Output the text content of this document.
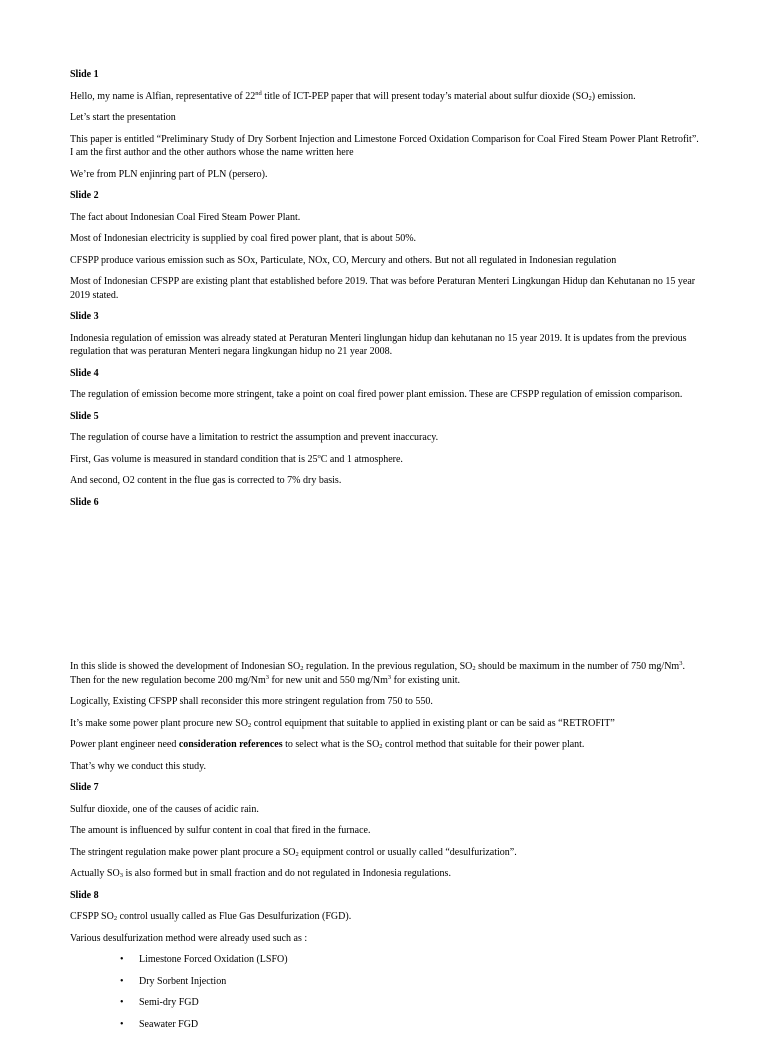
Slide 1
Hello, my name is Alfian, representative of 22nd title of ICT-PEP paper that will present today’s material about sulfur dioxide $(SO_2)$ emission.
Let’s start the presentation
This paper is entitled “Preliminary Study of Dry Sorbent Injection and Limestone Forced Oxidation Comparison for Coal Fired Steam Power Plant Retrofit”. I am the first author and the other authors whose the name written here
We’re from PLN enjinring part of PLN (persero).
Slide 2
The fact about Indonesian Coal Fired Steam Power Plant.
Most of Indonesian electricity is supplied by coal fired power plant, that is about 50%.
CFSPP produce various emission such as SOx, Particulate, NOx, CO, Mercury and others. But not all regulated in Indonesian regulation
Most of Indonesian CFSPP are existing plant that established before 2019. That was before Peraturan Menteri Lingkungan Hidup dan Kehutanan no 15 year 2019 stated.
Slide 3
Indonesia regulation of emission was already stated at Peraturan Menteri linglungan hidup dan kehutanan no 15 year 2019. It is updates from the previous regulation that was peraturan Menteri negara lingkungan hidup no 21 year 2008.
Slide 4
The regulation of emission become more stringent, take a point on coal fired power plant emission. These are CFSPP regulation of emission comparison.
Slide 5
The regulation of course have a limitation to restrict the assumption and prevent inaccuracy.
First, Gas volume is measured in standard condition that is 25$^o$C and 1 atmosphere.
And second, O2 content in the flue gas is corrected to 7% dry basis.
Slide 6
In this slide is showed the development of Indonesian $SO_2$ regulation. In the previous regulation, $SO_2$ should be maximum in the number of 750 mg/Nm$^3$. Then for the new regulation become 200 mg/Nm$^3$ for new unit and 550 mg/Nm$^3$ for existing unit.
Logically, Existing CFSPP shall reconsider this more stringent regulation from 750 to 550.
It’s make some power plant procure new $SO_2$ control equipment that suitable to applied in existing plant or can be said as “RETROFIT”
Power plant engineer need consideration references to select what is the $SO_2$ control method that suitable for their power plant.
That’s why we conduct this study.
Slide 7
Sulfur dioxide, one of the causes of acidic rain.
The amount is influenced by sulfur content in coal that fired in the furnace.
The stringent regulation make power plant procure a $SO_2$ equipment control or usually called “desulfurization”.
Actually $SO_3$ is also formed but in small fraction and do not regulated in Indonesia regulations.
Slide 8
CFSPP $SO_2$ control usually called as Flue Gas Desulfurization (FGD).
Various desulfurization method were already used such as :
• Limestone Forced Oxidation (LSFO)
• Dry Sorbent Injection
• Semi-dry FGD
• Seawater FGD
